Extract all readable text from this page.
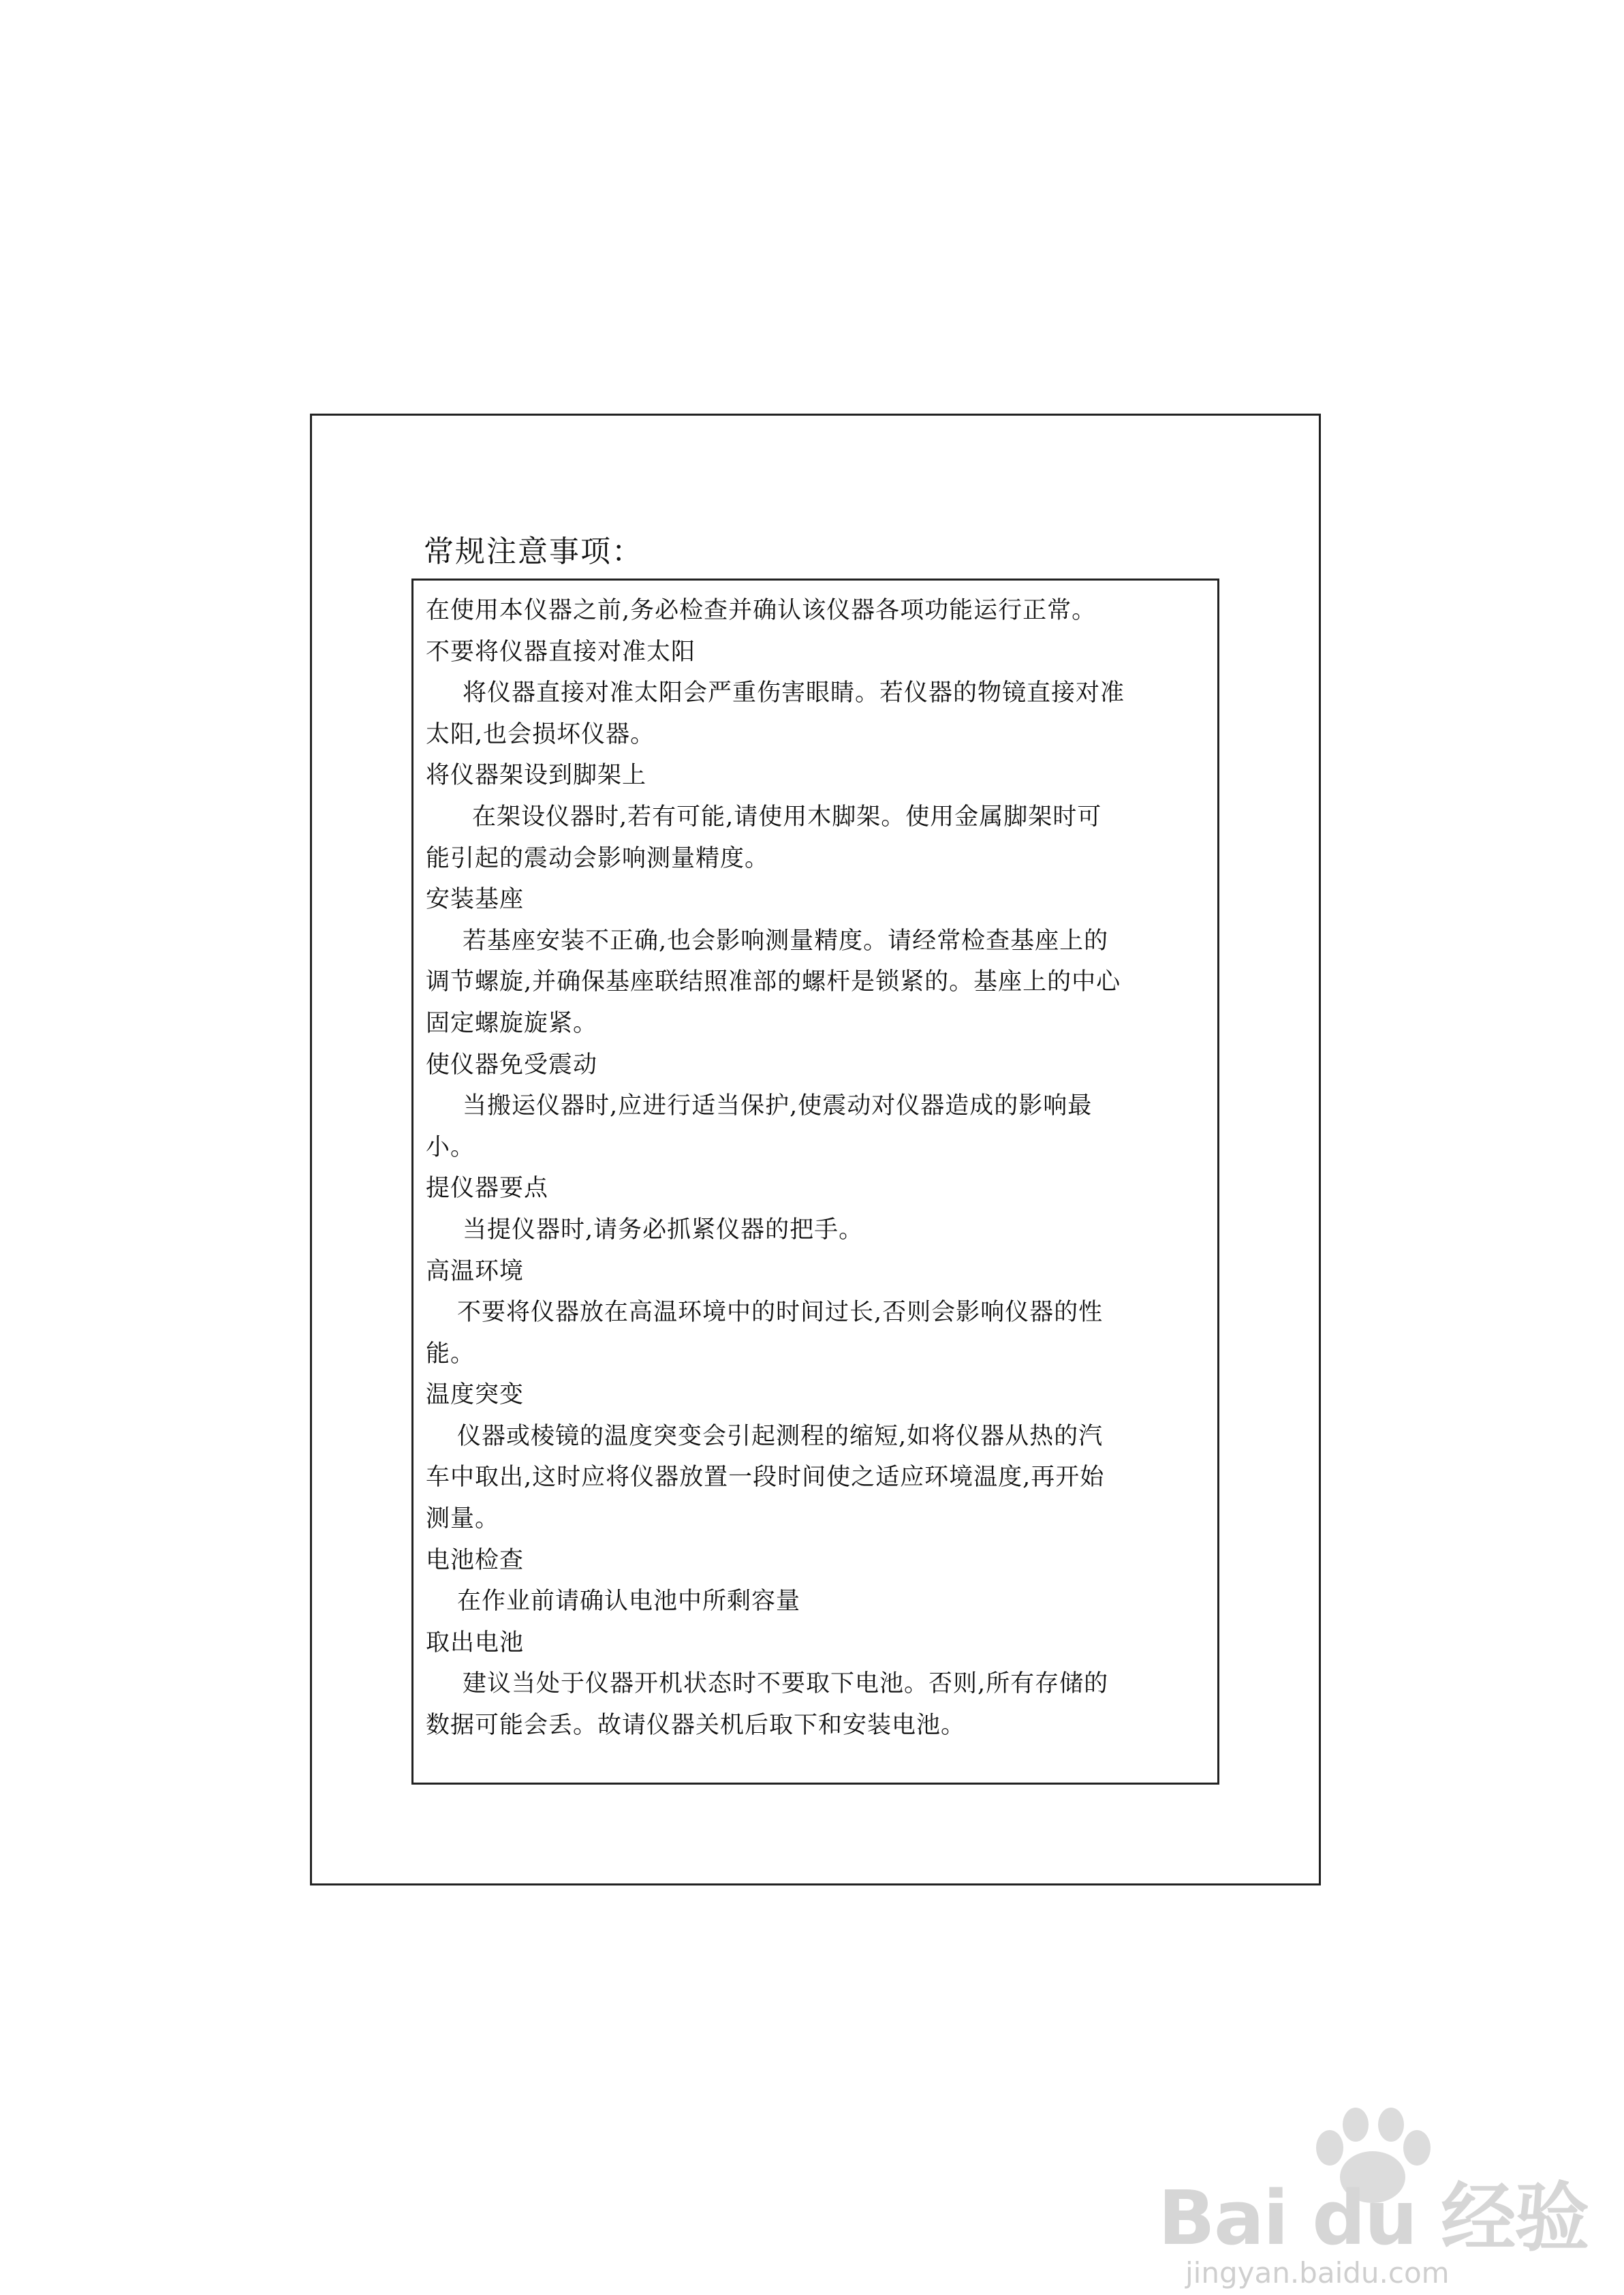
常规注意事项：
在使用本仪器之前,务必检查并确认该仪器各项功能运行正常。
不要将仪器直接对准太阳
将仪器直接对准太阳会严重伤害眼睛。若仪器的物镜直接对准
太阳,也会损坏仪器。
将仪器架设到脚架上
在架设仪器时,若有可能,请使用木脚架。使用金属脚架时可
能引起的震动会影响测量精度。
安装基座
若基座安装不正确,也会影响测量精度。请经常检查基座上的
调节螺旋,并确保基座联结照准部的螺杆是锁紧的。基座上的中心
固定螺旋旋紧。
使仪器免受震动
当搬运仪器时,应进行适当保护,使震动对仪器造成的影响最
小。
提仪器要点
当提仪器时,请务必抓紧仪器的把手。
高温环境
不要将仪器放在高温环境中的时间过长,否则会影响仪器的性
能。
温度突变
仪器或棱镜的温度突变会引起测程的缩短,如将仪器从热的汽
车中取出,这时应将仪器放置一段时间使之适应环境温度,再开始
测量。
电池检查
在作业前请确认电池中所剩容量
取出电池
建议当处于仪器开机状态时不要取下电池。否则,所有存储的
数据可能会丢。故请仪器关机后取下和安装电池。
Bai du 经验
jingyan.baidu.com
